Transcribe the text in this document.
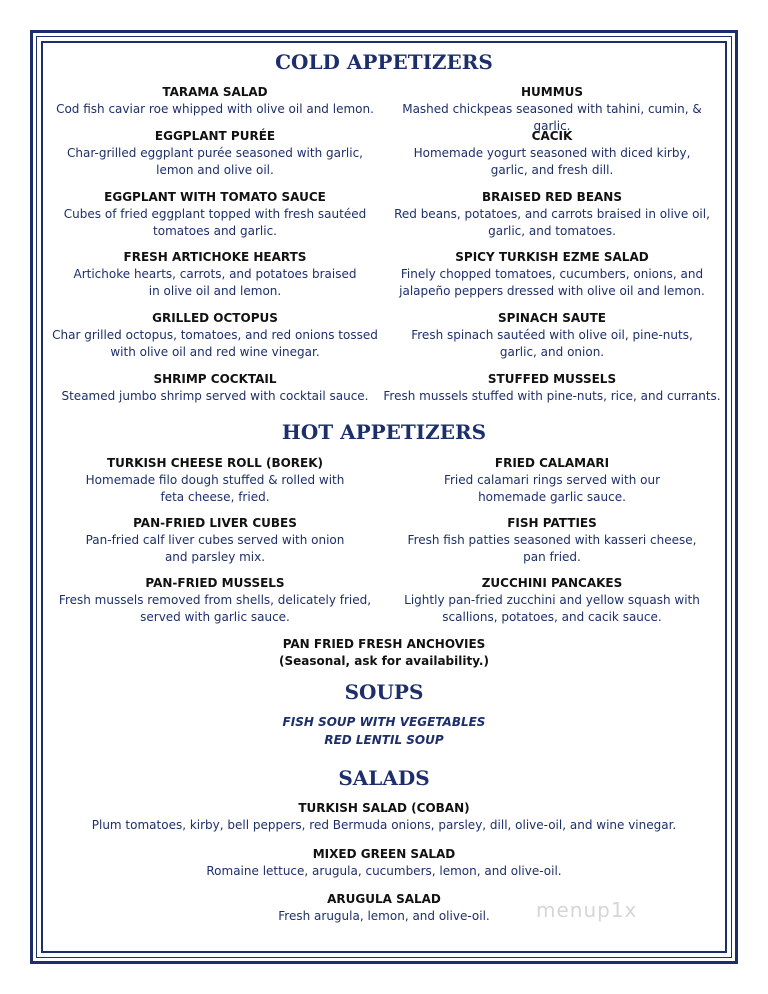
COLD APPETIZERS
TARAMA SALAD
Cod fish caviar roe whipped with olive oil and lemon.
EGGPLANT PURÉE
Char-grilled eggplant purée seasoned with garlic,
lemon and olive oil.
EGGPLANT WITH TOMATO SAUCE
Cubes of fried eggplant topped with fresh sautéed
tomatoes and garlic.
FRESH ARTICHOKE HEARTS
Artichoke hearts, carrots, and potatoes braised
in olive oil and lemon.
GRILLED OCTOPUS
Char grilled octopus, tomatoes, and red onions tossed
with olive oil and red wine vinegar.
SHRIMP COCKTAIL
Steamed jumbo shrimp served with cocktail sauce.
HUMMUS
Mashed chickpeas seasoned with tahini, cumin, & garlic.
CACIK
Homemade yogurt seasoned with diced kirby,
garlic, and fresh dill.
BRAISED RED BEANS
Red beans, potatoes, and carrots braised in olive oil,
garlic, and tomatoes.
SPICY TURKISH EZME SALAD
Finely chopped tomatoes, cucumbers, onions, and
jalapeño peppers dressed with olive oil and lemon.
SPINACH SAUTE
Fresh spinach sautéed with olive oil, pine-nuts,
garlic, and onion.
STUFFED MUSSELS
Fresh mussels stuffed with pine-nuts, rice, and currants.
HOT APPETIZERS
TURKISH CHEESE ROLL (BOREK)
Homemade filo dough stuffed & rolled with
feta cheese, fried.
PAN-FRIED LIVER CUBES
Pan-fried calf liver cubes served with onion
and parsley mix.
PAN-FRIED MUSSELS
Fresh mussels removed from shells, delicately fried,
served with garlic sauce.
FRIED CALAMARI
Fried calamari rings served with our
homemade garlic sauce.
FISH PATTIES
Fresh fish patties seasoned with kasseri cheese,
pan fried.
ZUCCHINI PANCAKES
Lightly pan-fried zucchini and yellow squash with
scallions, potatoes, and cacik sauce.
PAN FRIED FRESH ANCHOVIES
(Seasonal, ask for availability.)
SOUPS
FISH SOUP WITH VEGETABLES
RED LENTIL SOUP
SALADS
TURKISH SALAD (COBAN)
Plum tomatoes, kirby, bell peppers, red Bermuda onions, parsley, dill, olive-oil, and wine vinegar.
MIXED GREEN SALAD
Romaine lettuce, arugula, cucumbers, lemon, and olive-oil.
ARUGULA SALAD
Fresh arugula, lemon, and olive-oil.	menup1x
